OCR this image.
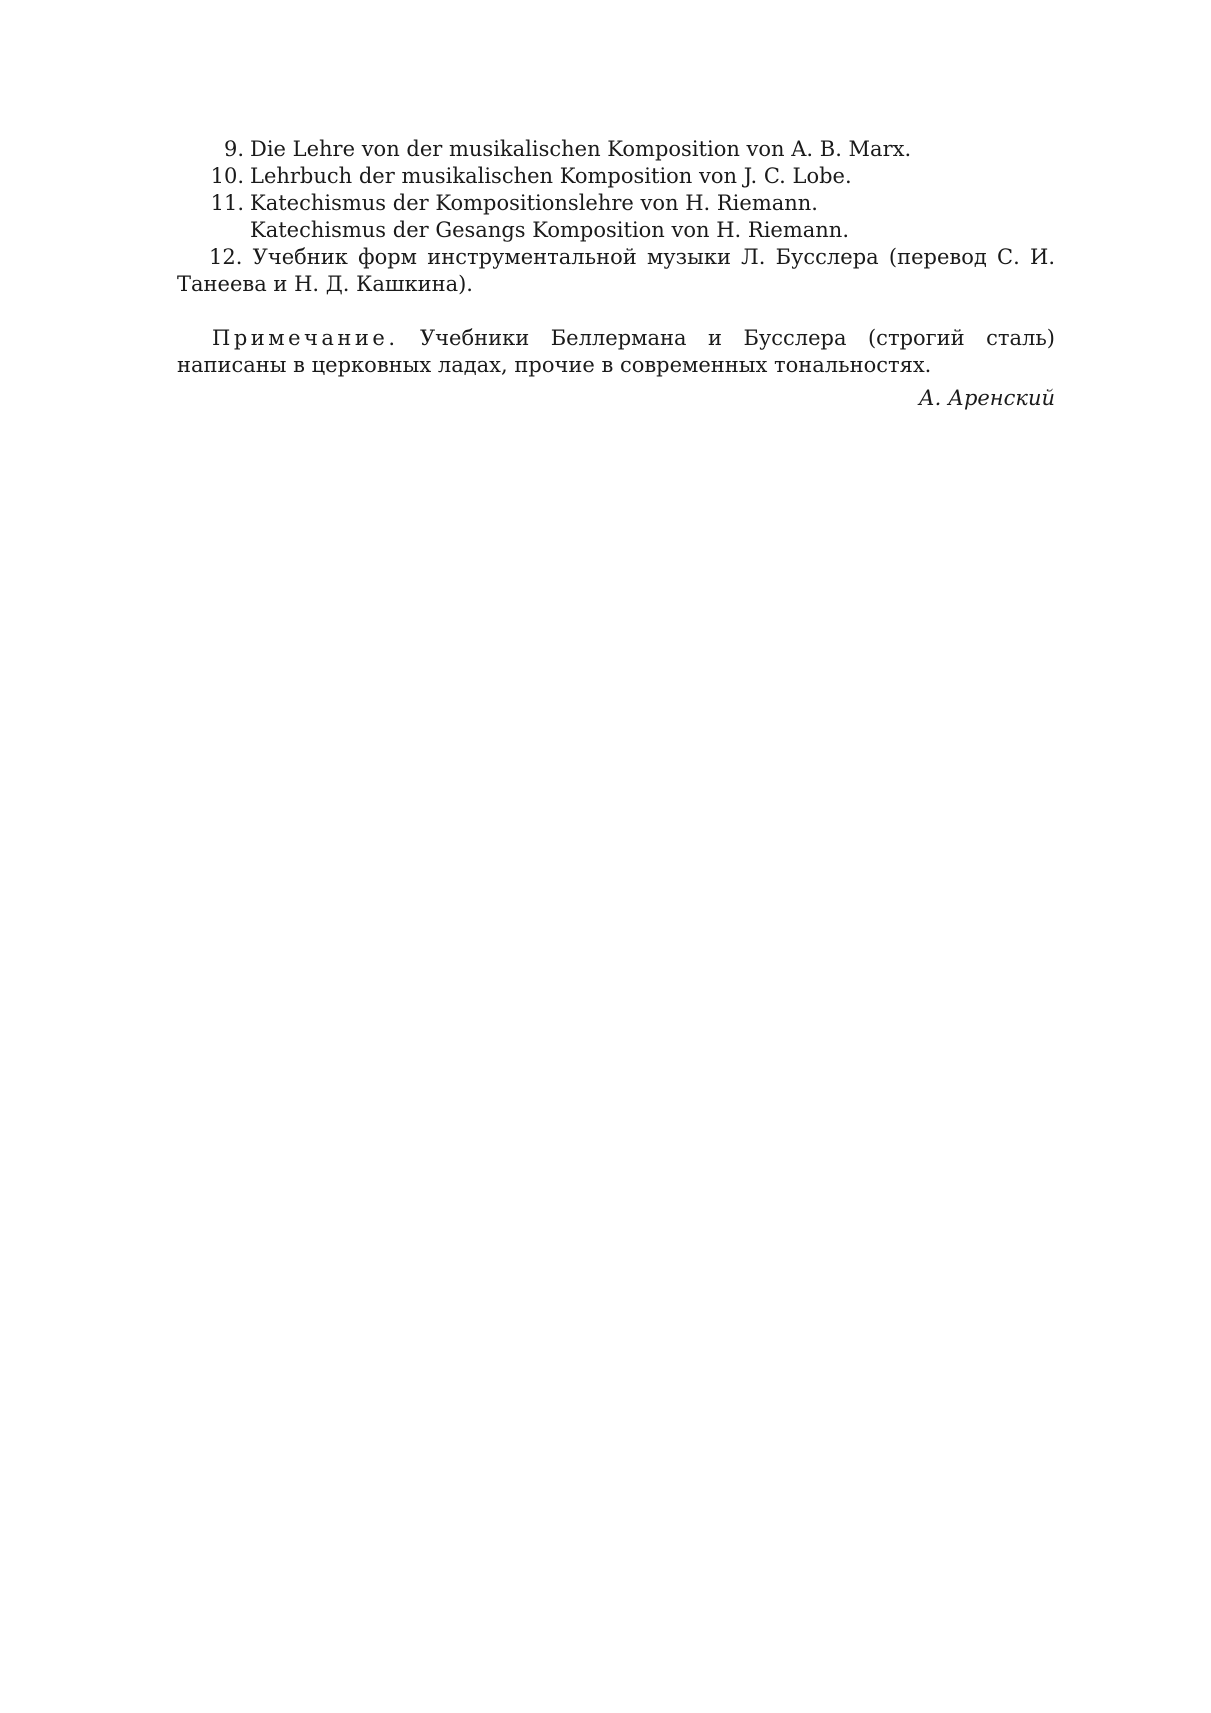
9. Die Lehre von der musikalischen Komposition von A. B. Marx.
10. Lehrbuch der musikalischen Komposition von J. C. Lobe.
11. Katechismus der Kompositionslehre von H. Riemann.
Katechismus der Gesangs Komposition von H. Riemann.
12. Учебник форм инструментальной музыки Л. Бусслера (перевод С. И. Танеева и Н. Д. Кашкина).
Примечание. Учебники Беллермана и Бусслера (строгий сталь) написаны в церковных ладах, прочие в современных тональностях.
А. Аренский
